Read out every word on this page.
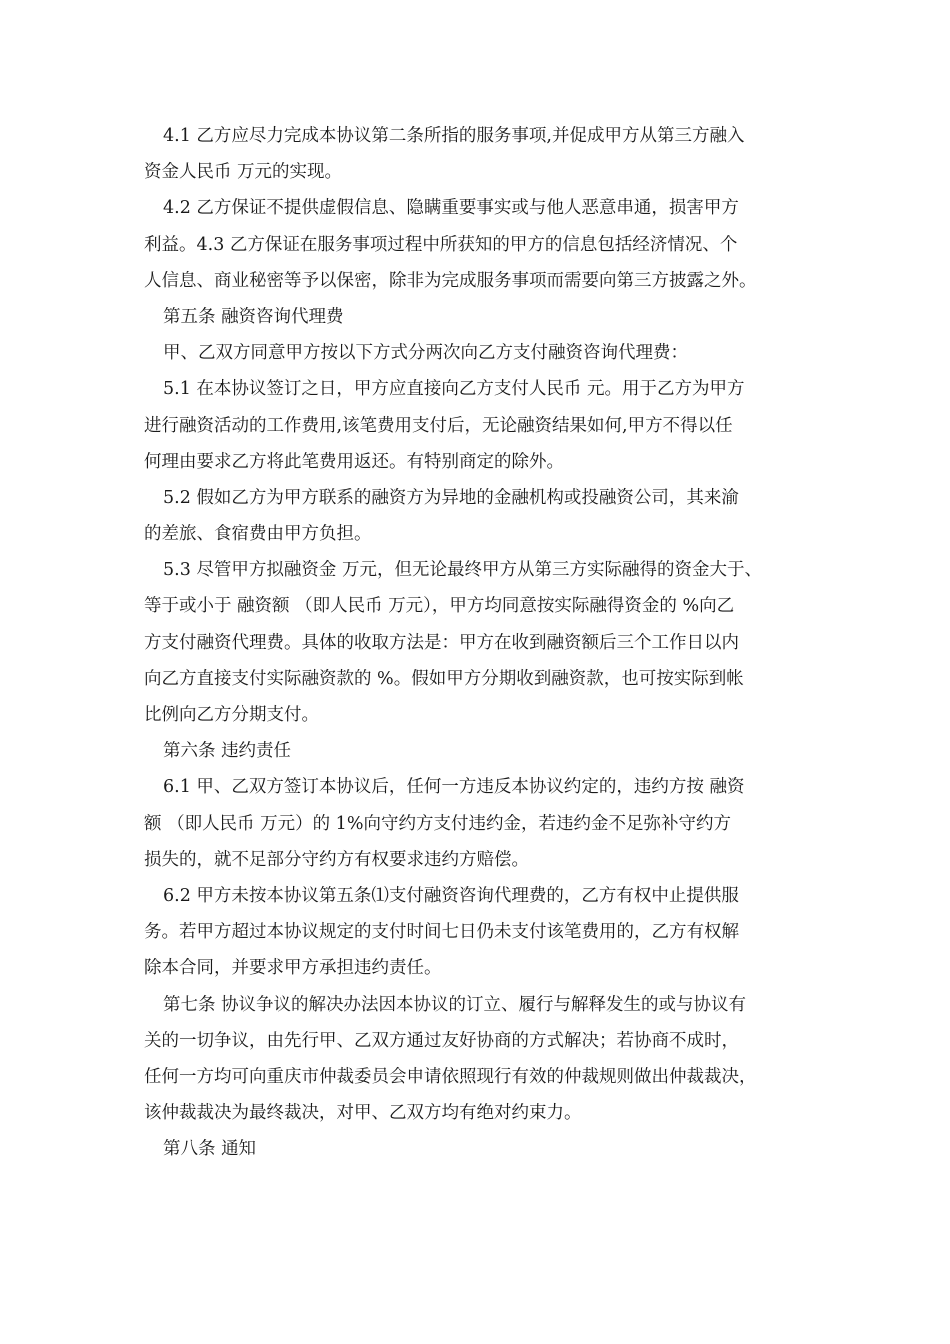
4.1 乙方应尽力完成本协议第二条所指的服务事项,并促成甲方从第三方融入
资金人民币 万元的实现。
4.2 乙方保证不提供虚假信息、隐瞒重要事实或与他人恶意串通，损害甲方
利益。4.3 乙方保证在服务事项过程中所获知的甲方的信息包括经济情况、个
人信息、商业秘密等予以保密，除非为完成服务事项而需要向第三方披露之外。
第五条 融资咨询代理费
甲、乙双方同意甲方按以下方式分两次向乙方支付融资咨询代理费：
5.1 在本协议签订之日，甲方应直接向乙方支付人民币 元。用于乙方为甲方
进行融资活动的工作费用,该笔费用支付后，无论融资结果如何,甲方不得以任
何理由要求乙方将此笔费用返还。有特别商定的除外。
5.2 假如乙方为甲方联系的融资方为异地的金融机构或投融资公司，其来渝
的差旅、食宿费由甲方负担。
5.3 尽管甲方拟融资金 万元，但无论最终甲方从第三方实际融得的资金大于、
等于或小于 融资额 （即人民币 万元），甲方均同意按实际融得资金的 %向乙
方支付融资代理费。具体的收取方法是：甲方在收到融资额后三个工作日以内
向乙方直接支付实际融资款的 %。假如甲方分期收到融资款，也可按实际到帐
比例向乙方分期支付。
第六条 违约责任
6.1 甲、乙双方签订本协议后，任何一方违反本协议约定的，违约方按 融资
额 （即人民币 万元）的 1%向守约方支付违约金，若违约金不足弥补守约方
损失的，就不足部分守约方有权要求违约方赔偿。
6.2 甲方未按本协议第五条⑴支付融资咨询代理费的，乙方有权中止提供服
务。若甲方超过本协议规定的支付时间七日仍未支付该笔费用的，乙方有权解
除本合同，并要求甲方承担违约责任。
第七条 协议争议的解决办法因本协议的订立、履行与解释发生的或与协议有
关的一切争议，由先行甲、乙双方通过友好协商的方式解决；若协商不成时，
任何一方均可向重庆市仲裁委员会申请依照现行有效的仲裁规则做出仲裁裁决，
该仲裁裁决为最终裁决，对甲、乙双方均有绝对约束力。
第八条 通知
